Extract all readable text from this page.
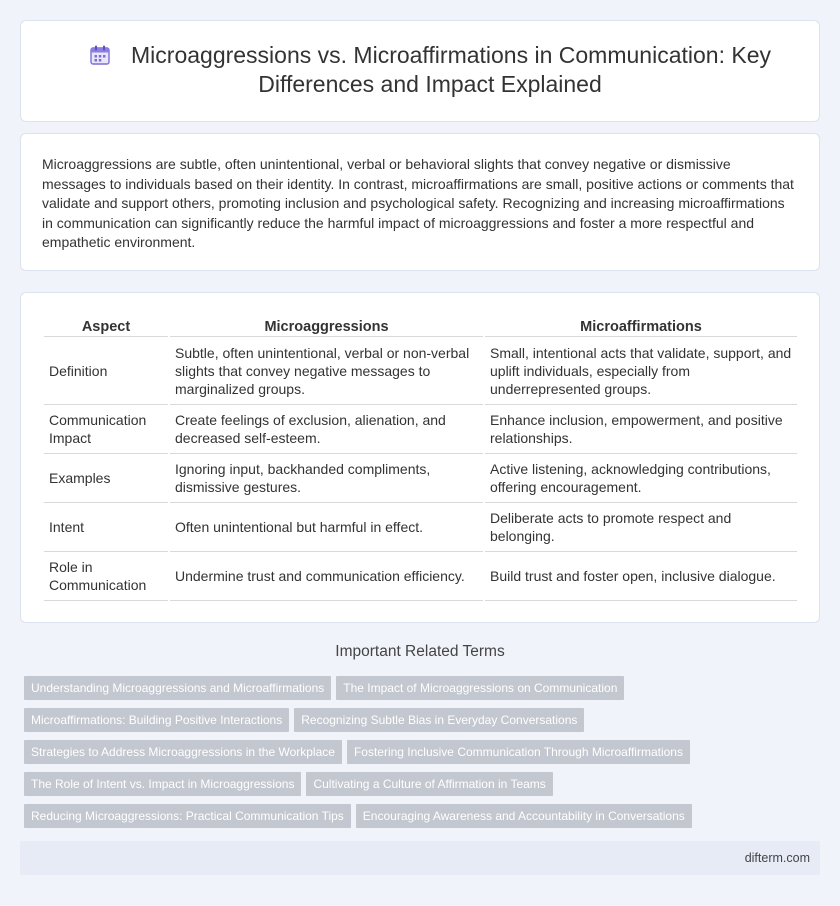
Microaggressions vs. Microaffirmations in Communication: Key Differences and Impact Explained

Microaggressions are subtle, often unintentional, verbal or behavioral slights that convey negative or dismissive messages to individuals based on their identity. In contrast, microaffirmations are small, positive actions or comments that validate and support others, promoting inclusion and psychological safety. Recognizing and increasing microaffirmations in communication can significantly reduce the harmful impact of microaggressions and foster a more respectful and empathetic environment.

Aspect	Microaggressions	Microaffirmations
Definition	Subtle, often unintentional, verbal or non-verbal slights that convey negative messages to marginalized groups.	Small, intentional acts that validate, support, and uplift individuals, especially from underrepresented groups.
Communication Impact	Create feelings of exclusion, alienation, and decreased self-esteem.	Enhance inclusion, empowerment, and positive relationships.
Examples	Ignoring input, backhanded compliments, dismissive gestures.	Active listening, acknowledging contributions, offering encouragement.
Intent	Often unintentional but harmful in effect.	Deliberate acts to promote respect and belonging.
Role in Communication	Undermine trust and communication efficiency.	Build trust and foster open, inclusive dialogue.
Important Related Terms
Understanding Microaggressions and Microaffirmations The Impact of Microaggressions on Communication
Microaffirmations: Building Positive Interactions Recognizing Subtle Bias in Everyday Conversations
Strategies to Address Microaggressions in the Workplace Fostering Inclusive Communication Through Microaffirmations
The Role of Intent vs. Impact in Microaggressions Cultivating a Culture of Affirmation in Teams
Reducing Microaggressions: Practical Communication Tips Encouraging Awareness and Accountability in Conversations
difterm.com
